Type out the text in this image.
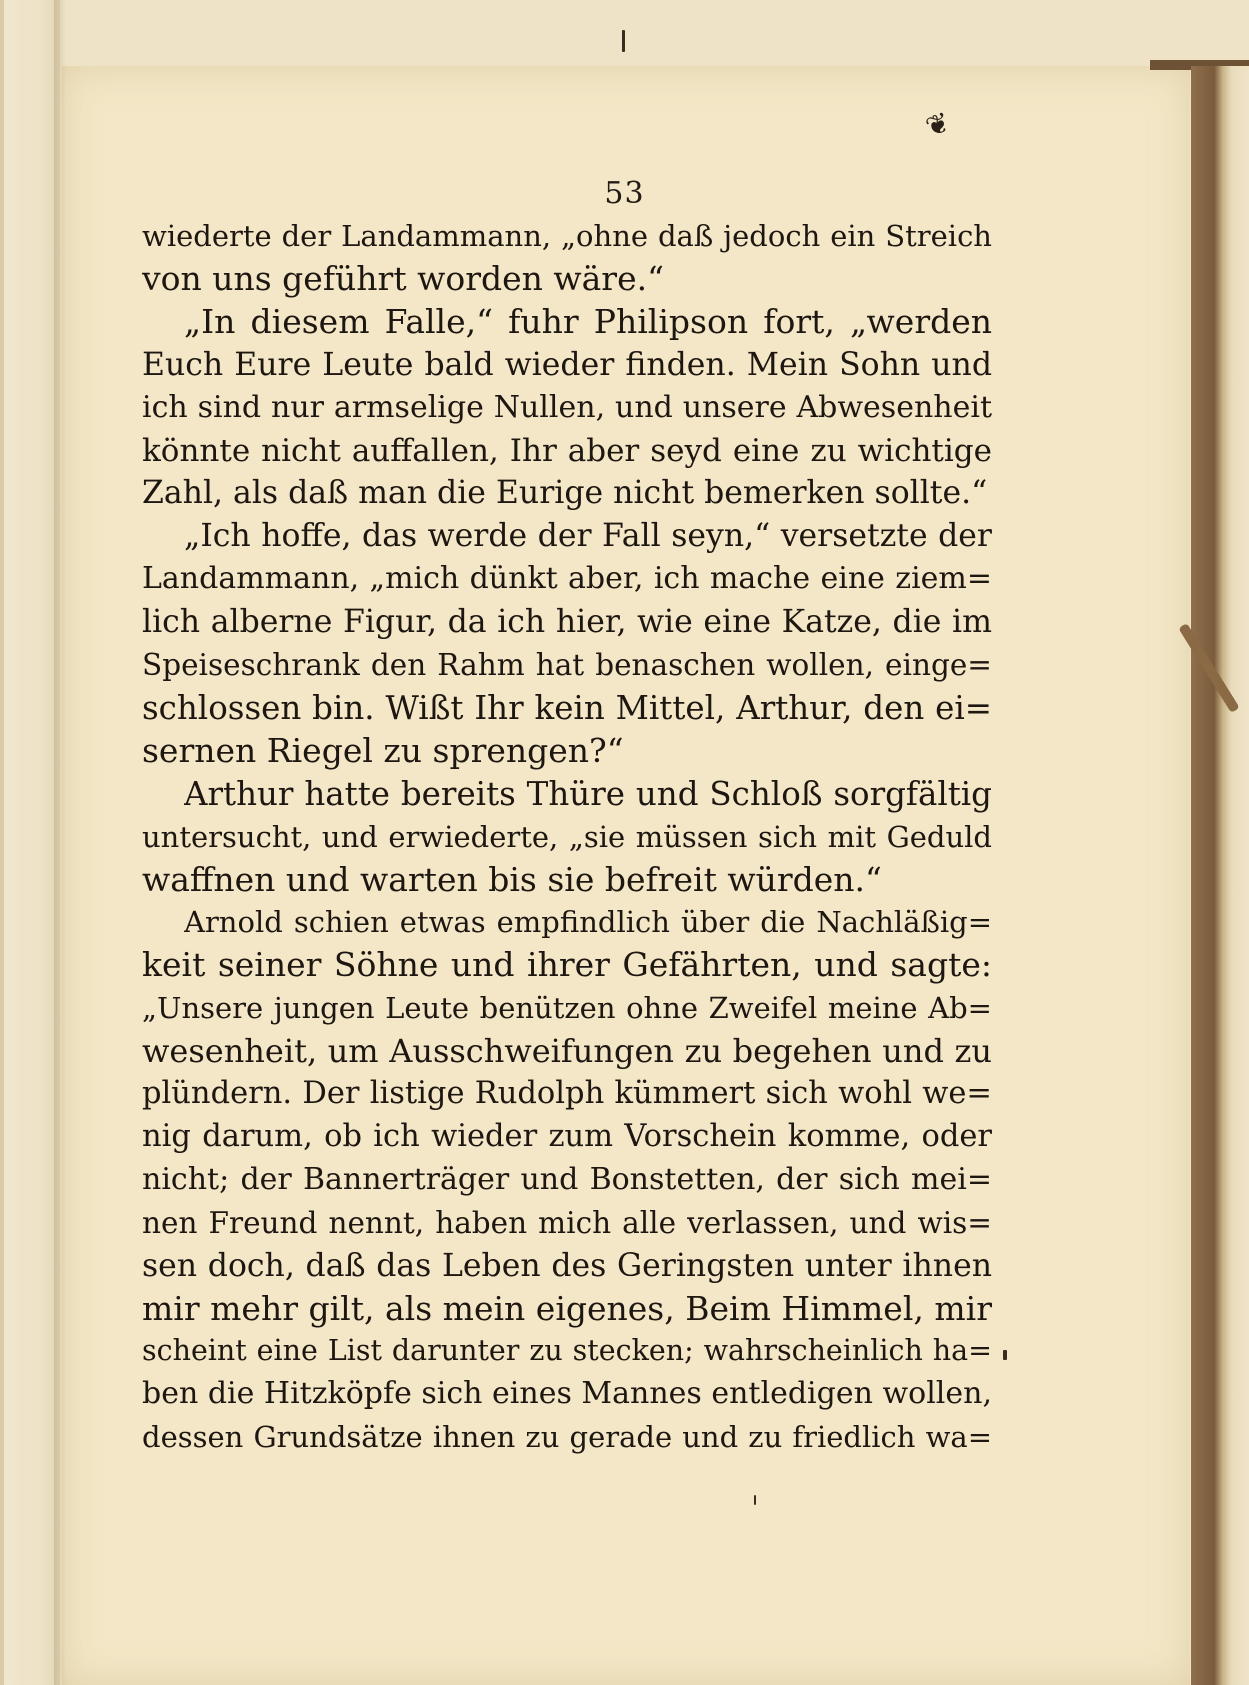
❦
53
wiederte der Landammann, „ohne daß jedoch ein Streich
von uns geführt worden wäre.“
„In diesem Falle,“ fuhr Philipson fort, „werden
Euch Eure Leute bald wieder finden. Mein Sohn und
ich sind nur armselige Nullen, und unsere Abwesenheit
könnte nicht auffallen, Ihr aber seyd eine zu wichtige
Zahl, als daß man die Eurige nicht bemerken sollte.“
„Ich hoffe, das werde der Fall seyn,“ versetzte der
Landammann, „mich dünkt aber, ich mache eine ziem=
lich alberne Figur, da ich hier, wie eine Katze, die im
Speiseschrank den Rahm hat benaschen wollen, einge=
schlossen bin. Wißt Ihr kein Mittel, Arthur, den ei=
sernen Riegel zu sprengen?“
Arthur hatte bereits Thüre und Schloß sorgfältig
untersucht, und erwiederte, „sie müssen sich mit Geduld
waffnen und warten bis sie befreit würden.“
Arnold schien etwas empfindlich über die Nachläßig=
keit seiner Söhne und ihrer Gefährten, und sagte:
„Unsere jungen Leute benützen ohne Zweifel meine Ab=
wesenheit, um Ausschweifungen zu begehen und zu
plündern. Der listige Rudolph kümmert sich wohl we=
nig darum, ob ich wieder zum Vorschein komme, oder
nicht; der Bannerträger und Bonstetten, der sich mei=
nen Freund nennt, haben mich alle verlassen, und wis=
sen doch, daß das Leben des Geringsten unter ihnen
mir mehr gilt, als mein eigenes, Beim Himmel, mir
scheint eine List darunter zu stecken; wahrscheinlich ha=
ben die Hitzköpfe sich eines Mannes entledigen wollen,
dessen Grundsätze ihnen zu gerade und zu friedlich wa=
